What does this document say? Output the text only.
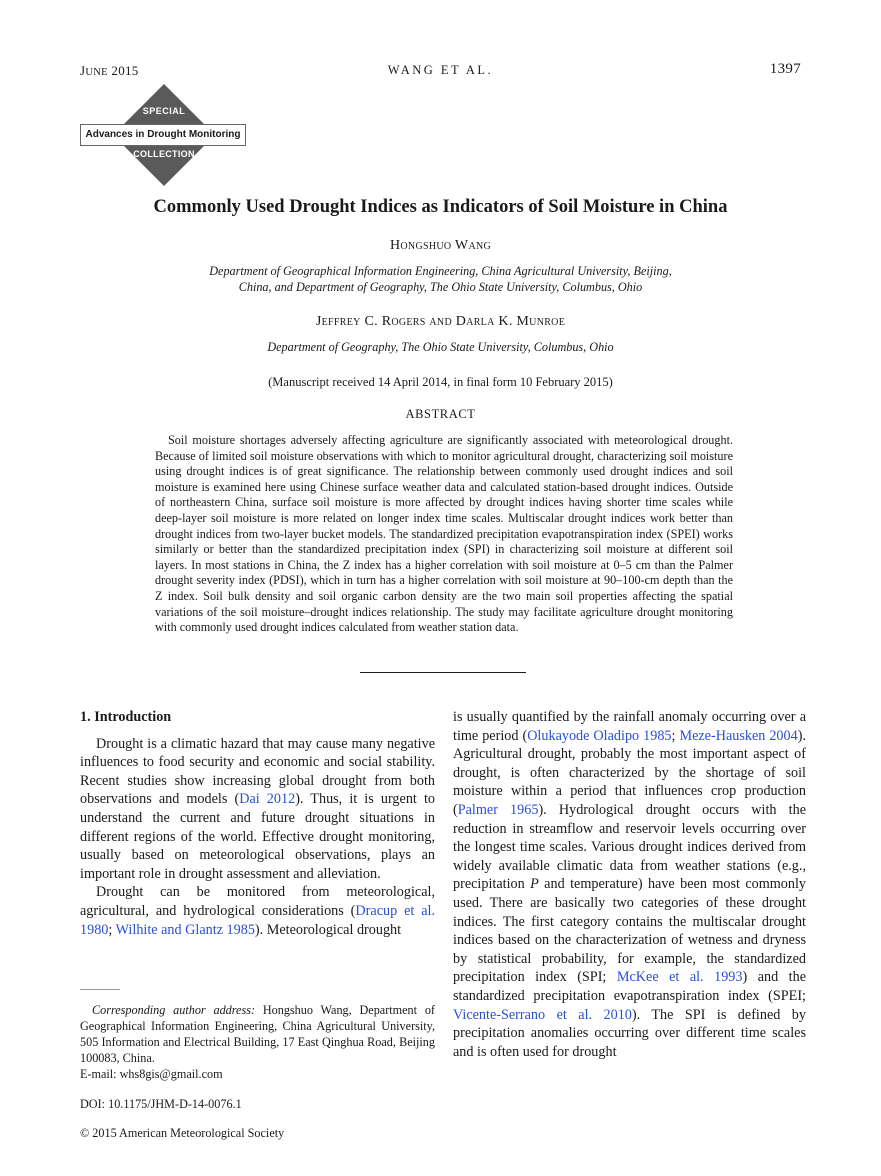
JUNE 2015	WANG ET AL.	1397
SPECIAL
Advances in Drought Monitoring
COLLECTION
Commonly Used Drought Indices as Indicators of Soil Moisture in China
Hongshuo Wang
Department of Geographical Information Engineering, China Agricultural University, Beijing,
China, and Department of Geography, The Ohio State University, Columbus, Ohio
Jeffrey C. Rogers and Darla K. Munroe
Department of Geography, The Ohio State University, Columbus, Ohio
(Manuscript received 14 April 2014, in final form 10 February 2015)
ABSTRACT
Soil moisture shortages adversely affecting agriculture are significantly associated with meteorological drought. Because of limited soil moisture observations with which to monitor agricultural drought, characterizing soil moisture using drought indices is of great significance. The relationship between commonly used drought indices and soil moisture is examined here using Chinese surface weather data and calculated station-based drought indices. Outside of northeastern China, surface soil moisture is more affected by drought indices having shorter time scales while deep-layer soil moisture is more related on longer index time scales. Multiscalar drought indices work better than drought indices from two-layer bucket models. The standardized precipitation evapotranspiration index (SPEI) works similarly or better than the standardized precipitation index (SPI) in characterizing soil moisture at different soil layers. In most stations in China, the Z index has a higher correlation with soil moisture at 0–5 cm than the Palmer drought severity index (PDSI), which in turn has a higher correlation with soil moisture at 90–100-cm depth than the Z index. Soil bulk density and soil organic carbon density are the two main soil properties affecting the spatial variations of the soil moisture–drought indices relationship. The study may facilitate agriculture drought monitoring with commonly used drought indices calculated from weather station data.
1. Introduction

Drought is a climatic hazard that may cause many negative influences to food security and economic and social stability. Recent studies show increasing global drought from both observations and models (Dai 2012). Thus, it is urgent to understand the current and future drought situations in different regions of the world. Effective drought monitoring, usually based on meteorological observations, plays an important role in drought assessment and alleviation.

Drought can be monitored from meteorological, agricultural, and hydrological considerations (Dracup et al. 1980; Wilhite and Glantz 1985). Meteorological drought

is usually quantified by the rainfall anomaly occurring over a time period (Olukayode Oladipo 1985; Meze-Hausken 2004). Agricultural drought, probably the most important aspect of drought, is often characterized by the shortage of soil moisture within a period that influences crop production (Palmer 1965). Hydrological drought occurs with the reduction in streamflow and reservoir levels occurring over the longest time scales. Various drought indices derived from widely available climatic data from weather stations (e.g., precipitation P and temperature) have been most commonly used. There are basically two categories of these drought indices. The first category contains the multiscalar drought indices based on the characterization of wetness and dryness by statistical probability, for example, the standardized precipitation index (SPI; McKee et al. 1993) and the standardized precipitation evapotranspiration index (SPEI; Vicente-Serrano et al. 2010). The SPI is defined by precipitation anomalies occurring over different time scales and is often used for drought

Corresponding author address: Hongshuo Wang, Department of Geographical Information Engineering, China Agricultural University, 505 Information and Electrical Building, 17 East Qinghua Road, Beijing 100083, China.
E-mail: whs8gis@gmail.com
DOI: 10.1175/JHM-D-14-0076.1
© 2015 American Meteorological Society
